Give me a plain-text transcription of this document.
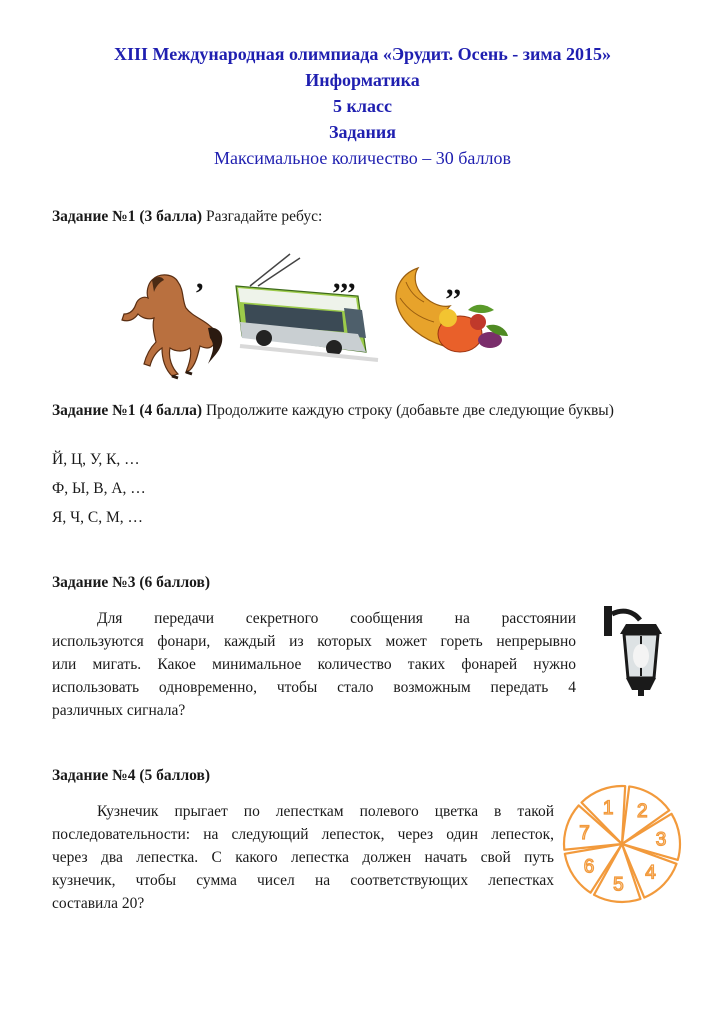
XIII Международная олимпиада «Эрудит. Осень - зима 2015»
Информатика
5 класс
Задания
Максимальное количество – 30 баллов
Задание №1 (3 балла) Разгадайте ребус:
,	,,,	,,
Задание №1 (4 балла) Продолжите каждую строку (добавьте две следующие буквы)
Й, Ц, У, К, …
Ф, Ы, В, А, …
Я, Ч, С, М, …
Задание №3 (6 баллов)
Для передачи секретного сообщения на расстоянии
используются фонари, каждый из которых может гореть непрерывно
или мигать. Какое минимальное количество таких фонарей нужно
использовать одновременно, чтобы стало возможным передать 4
различных сигнала?
Задание №4 (5 баллов)
Кузнечик прыгает по лепесткам полевого цветка в такой
последовательности: на следующий лепесток, через один лепесток,
через два лепестка. С какого лепестка должен начать свой путь
кузнечик, чтобы сумма чисел на соответствующих лепестках
составила 20?
1 2
3
4
5
6
7
